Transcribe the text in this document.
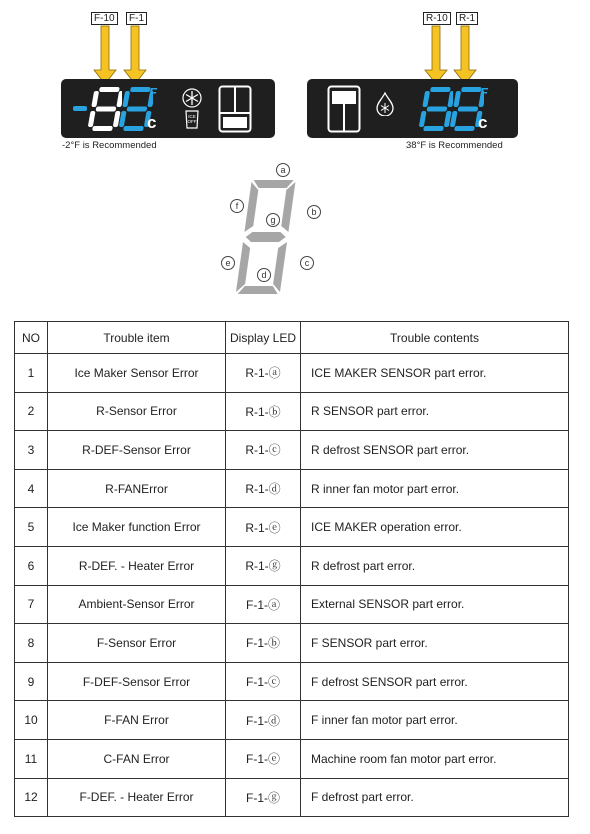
F-10	F-1
F
c	ICE OFF
-2°F is Recommended
R-10	R-1
F
c
38°F is Recommended
a
b
c
d
e
f
g
NO	Trouble item	Display LED	Trouble contents
1	Ice Maker Sensor Error	R-1-ⓐ	ICE MAKER SENSOR part error.
2	R-Sensor Error	R-1-ⓑ	R SENSOR part error.
3	R-DEF-Sensor Error	R-1-ⓒ	R defrost SENSOR part error.
4	R-FANError	R-1-ⓓ	R inner fan motor part error.
5	Ice Maker function Error	R-1-ⓔ	ICE MAKER operation error.
6	R-DEF. - Heater Error	R-1-ⓖ	R defrost part error.
7	Ambient-Sensor Error	F-1-ⓐ	External SENSOR part error.
8	F-Sensor Error	F-1-ⓑ	F SENSOR part error.
9	F-DEF-Sensor Error	F-1-ⓒ	F defrost SENSOR part error.
10	F-FAN Error	F-1-ⓓ	F inner fan motor part error.
11	C-FAN Error	F-1-ⓔ	Machine room fan motor part error.
12	F-DEF. - Heater Error	F-1-ⓖ	F defrost part error.
